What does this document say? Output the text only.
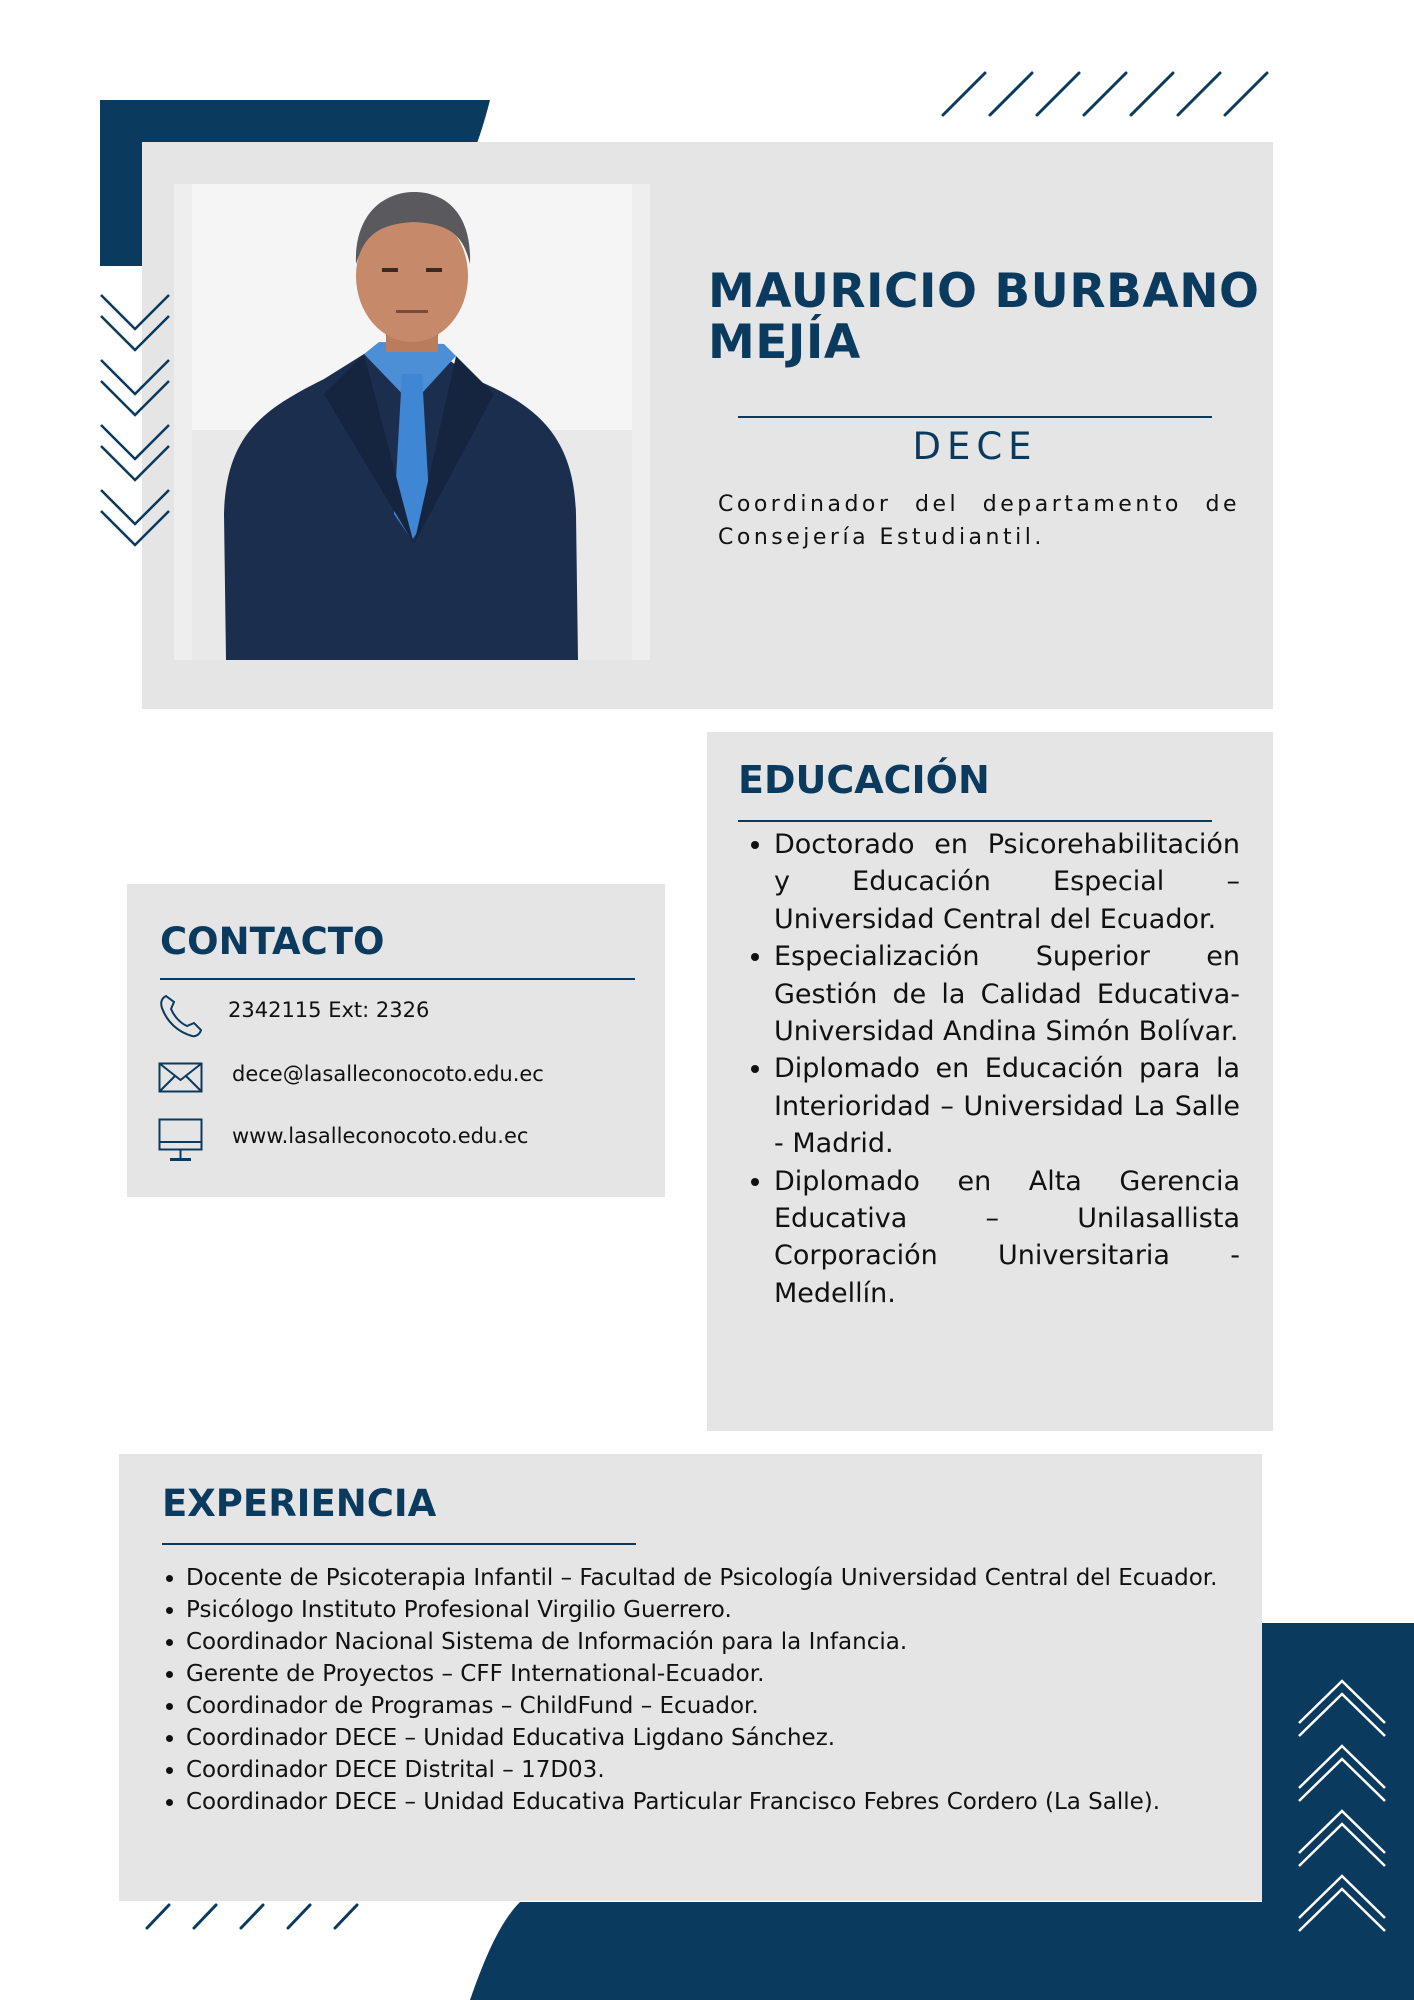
MAURICIO BURBANO
MEJÍA
DECE
Coordinador del departamento de Consejería Estudiantil.
EDUCACIÓN
• Doctorado en Psicorehabilitación y Educación Especial – Universidad Central del Ecuador.
• Especialización Superior en Gestión de la Calidad Educativa-Universidad Andina Simón Bolívar.
• Diplomado en Educación para la Interioridad – Universidad La Salle - Madrid.
• Diplomado en Alta Gerencia Educativa – Unilasallista Corporación Universitaria - Medellín.
CONTACTO
2342115 Ext: 2326
dece@lasalleconocoto.edu.ec
www.lasalleconocoto.edu.ec
EXPERIENCIA
• Docente de Psicoterapia Infantil – Facultad de Psicología Universidad Central del Ecuador.
• Psicólogo Instituto Profesional Virgilio Guerrero.
• Coordinador Nacional Sistema de Información para la Infancia.
• Gerente de Proyectos – CFF International-Ecuador.
• Coordinador de Programas – ChildFund – Ecuador.
• Coordinador DECE – Unidad Educativa Ligdano Sánchez.
• Coordinador DECE Distrital – 17D03.
• Coordinador DECE – Unidad Educativa Particular Francisco Febres Cordero (La Salle).
